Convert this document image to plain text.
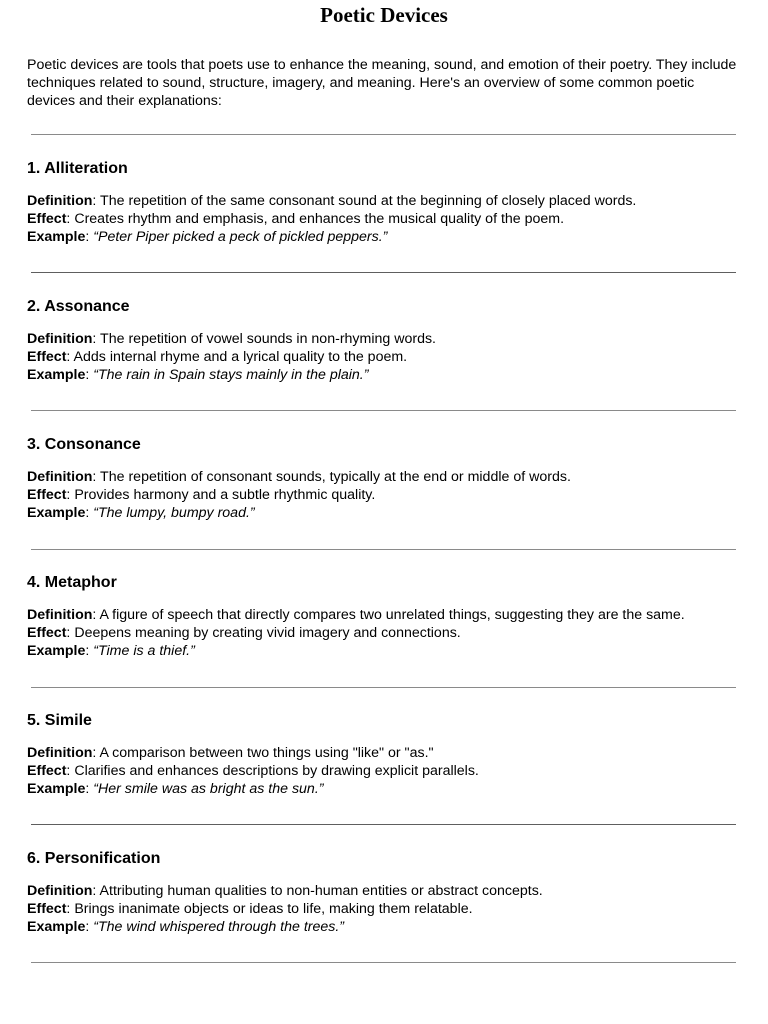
Poetic Devices
Poetic devices are tools that poets use to enhance the meaning, sound, and emotion of their poetry. They include techniques related to sound, structure, imagery, and meaning. Here's an overview of some common poetic devices and their explanations:
1. Alliteration
Definition: The repetition of the same consonant sound at the beginning of closely placed words.
Effect: Creates rhythm and emphasis, and enhances the musical quality of the poem.
Example: “Peter Piper picked a peck of pickled peppers.”
2. Assonance
Definition: The repetition of vowel sounds in non-rhyming words.
Effect: Adds internal rhyme and a lyrical quality to the poem.
Example: “The rain in Spain stays mainly in the plain.”
3. Consonance
Definition: The repetition of consonant sounds, typically at the end or middle of words.
Effect: Provides harmony and a subtle rhythmic quality.
Example: “The lumpy, bumpy road.”
4. Metaphor
Definition: A figure of speech that directly compares two unrelated things, suggesting they are the same.
Effect: Deepens meaning by creating vivid imagery and connections.
Example: “Time is a thief.”
5. Simile
Definition: A comparison between two things using "like" or "as."
Effect: Clarifies and enhances descriptions by drawing explicit parallels.
Example: “Her smile was as bright as the sun.”
6. Personification
Definition: Attributing human qualities to non-human entities or abstract concepts.
Effect: Brings inanimate objects or ideas to life, making them relatable.
Example: “The wind whispered through the trees.”
